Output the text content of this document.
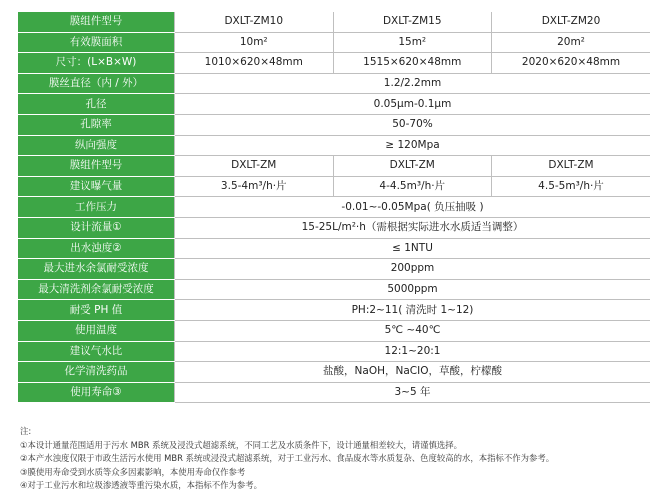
膜组件型号	DXLT-ZM10	DXLT-ZM15	DXLT-ZM20
有效膜面积	10m²	15m²	20m²
尺寸：(L×B×W)	1010×620×48mm	1515×620×48mm	2020×620×48mm
膜丝直径（内 / 外）	1.2/2.2mm		
孔径	0.05μm-0.1μm		
孔隙率	50-70%		
纵向强度	≥ 120Mpa		
膜组件型号	DXLT-ZM	DXLT-ZM	DXLT-ZM
建议曝气量	3.5-4m³/h·片	4-4.5m³/h·片	4.5-5m³/h·片
工作压力	-0.01~-0.05Mpa( 负压抽吸 )		
设计流量①	15-25L/m²·h（需根据实际进水水质适当调整）		
出水浊度②	≤ 1NTU		
最大进水余氯耐受浓度	200ppm		
最大清洗剂余氯耐受浓度	5000ppm		
耐受 PH 值	PH:2~11( 清洗时 1~12)		
使用温度	5℃ ~40℃		
建议气水比	12:1~20:1		
化学清洗药品	盐酸，NaOH，NaCIO，草酸，柠檬酸		
使用寿命③	3~5 年		
注:
①本设计通量范围适用于污水 MBR 系统及浸没式超滤系统，不同工艺及水质条件下，设计通量相差较大，请谨慎选择。
②本产水浊度仅限于市政生活污水使用 MBR 系统或浸没式超滤系统，对于工业污水、食品废水等水质复杂、色度较高的水，本指标不作为参考。
③膜使用寿命受到水质等众多因素影响，本使用寿命仅作参考
④对于工业污水和垃圾渗透液等重污染水质，本指标不作为参考。
